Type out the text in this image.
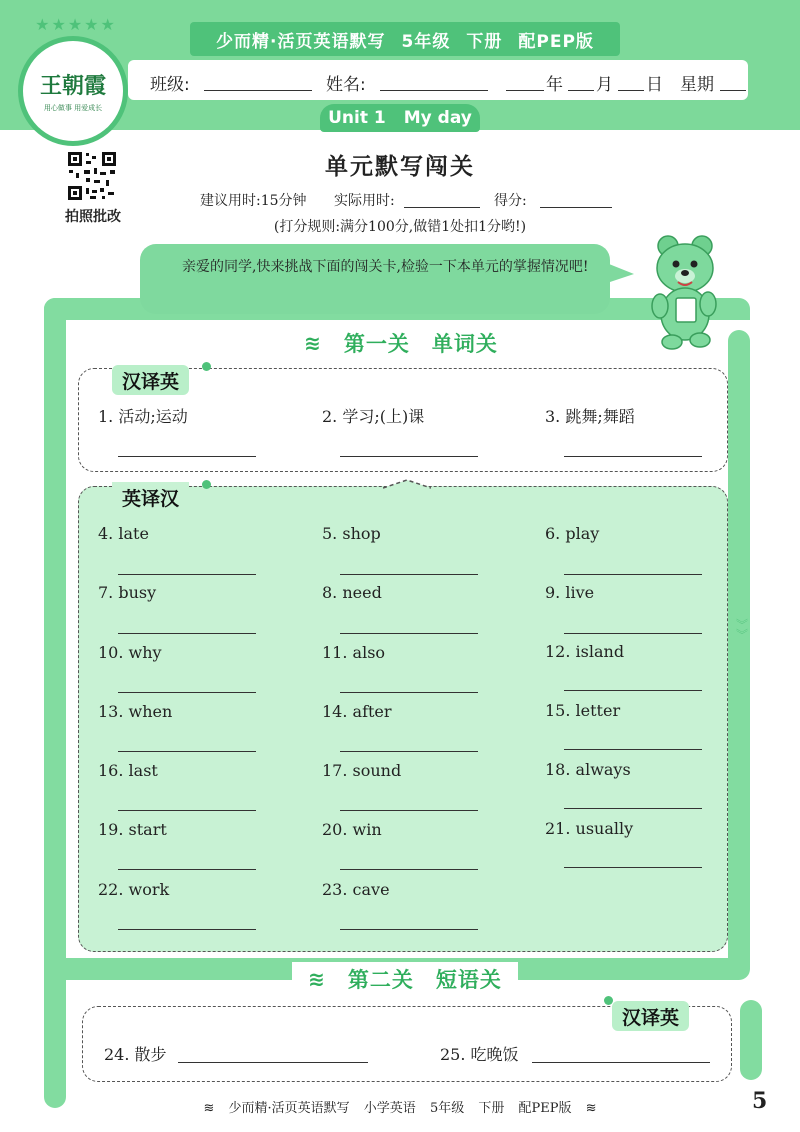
少而精·活页英语默写 5年级 下册 配PEP版
班级:	姓名:	年 月 日 星期
Unit 1 My day
★★★★★
王朝霞
用心做事 用爱成长
拍照批改
单元默写闯关
建议用时:15分钟 实际用时:	得分:
(打分规则:满分100分,做错1处扣1分哟!)
︾
︾
亲爱的同学,快来挑战下面的闯关卡,检验一下本单元的掌握情况吧!
≋ 第一关 单词关
汉译英
1. 活动;运动	2. 学习;(上)课	3. 跳舞;舞蹈
英译汉
4. late	5. shop	6. play
7. busy	8. need	9. live
10. why	11. also	12. island
13. when	14. after	15. letter
16. last	17. sound	18. always
19. start	20. win	21. usually
22. work	23. cave
≋ 第二关 短语关
汉译英
24. 散步	25. 吃晚饭
≋ 少而精·活页英语默写 小学英语 5年级 下册 配PEP版 ≋	5
